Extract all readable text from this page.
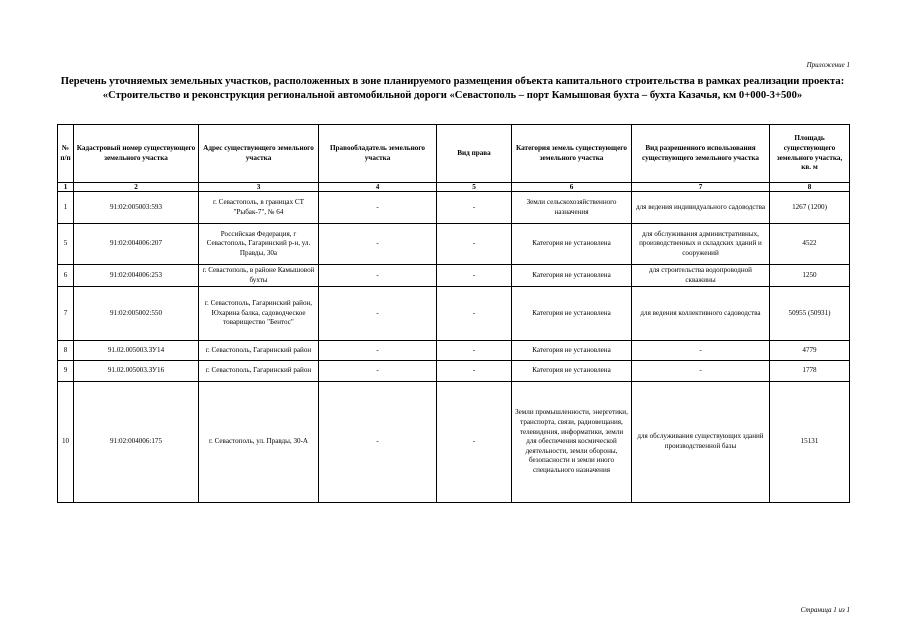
Приложение 1
Перечень уточняемых земельных участков, расположенных в зоне планируемого размещения объекта капитального строительства в рамках реализации проекта: «Строительство и реконструкция региональной автомобильной дороги «Севастополь – порт Камышовая бухта – бухта Казачья, км 0+000-3+500»
№ п/п	Кадастровый номер существующего земельного участка	Адрес существующего земельного участка	Правообладатель земельного участка	Вид права	Категория земель существующего земельного участка	Вид разрешенного использования существующего земельного участка	Площадь существующего земельного участка, кв. м
1	2	3	4	5	6	7	8
1	91:02:005003:593	г. Севастополь, в границах СТ "Рыбак-7", № 64	-	-	Земли сельскохозяйственного назначения	для ведения индивидуального садоводства	1267 (1200)
5	91:02:004006:207	Российская Федерация, г Севастополь, Гагаринский р-н, ул. Правды, 30а	-	-	Категория не установлена	для обслуживания административных, производственных и складских зданий и сооружений	4522
6	91:02:004006:253	г. Севастополь, в районе Камышовой бухты	-	-	Категория не установлена	для строительства водопроводной скважины	1250
7	91:02:005002:550	г. Севастополь, Гагаринский район, Юхарина балка, садоводческое товарищество "Бентос"	-	-	Категория не установлена	для ведения коллективного садоводства	50955 (50931)
8	91.02.005003.ЗУ14	г. Севастополь, Гагаринский район	-	-	Категория не установлена	-	4779
9	91.02.005003.ЗУ16	г. Севастополь, Гагаринский район	-	-	Категория не установлена	-	1778
10	91:02:004006:175	г. Севастополь, ул. Правды, 30-А	-	-	Земли промышленности, энергетики, транспорта, связи, радиовещания, телевидения, информатики, земли для обеспечения космической деятельности, земли обороны, безопасности и земли иного специального назначения	для обслуживания существующих зданий производственной базы	15131
Страница 1 из 1
